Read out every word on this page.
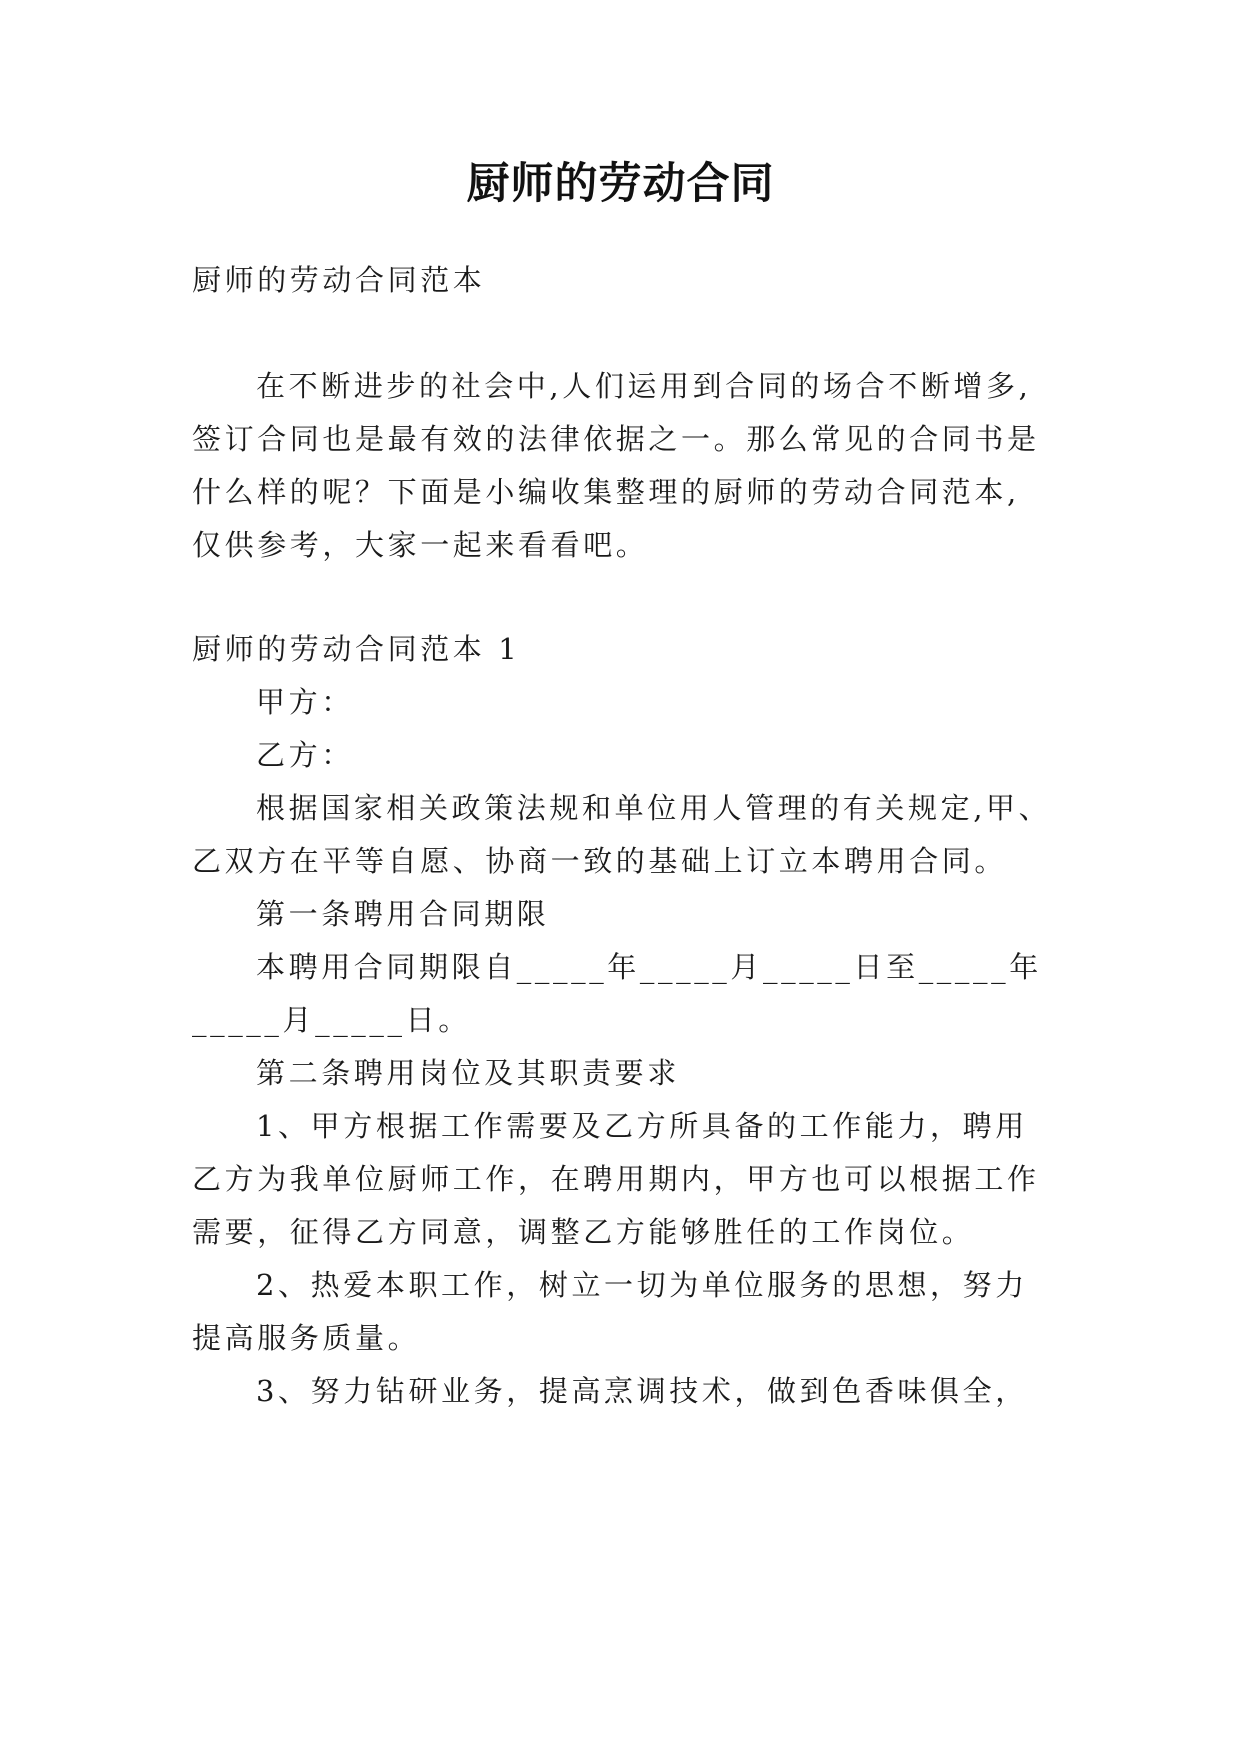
厨师的劳动合同
厨师的劳动合同范本
在不断进步的社会中,人们运用到合同的场合不断增多,
签订合同也是最有效的法律依据之一。那么常见的合同书是
什么样的呢？下面是小编收集整理的厨师的劳动合同范本,
仅供参考，大家一起来看看吧。
厨师的劳动合同范本 1
甲方：
乙方：
根据国家相关政策法规和单位用人管理的有关规定,甲、
乙双方在平等自愿、协商一致的基础上订立本聘用合同。
第一条聘用合同期限
本聘用合同期限自_____年_____月_____日至_____年
_____月_____日。
第二条聘用岗位及其职责要求
1、甲方根据工作需要及乙方所具备的工作能力，聘用
乙方为我单位厨师工作，在聘用期内，甲方也可以根据工作
需要，征得乙方同意，调整乙方能够胜任的工作岗位。
2、热爱本职工作，树立一切为单位服务的思想，努力
提高服务质量。
3、努力钻研业务，提高烹调技术，做到色香味俱全，
